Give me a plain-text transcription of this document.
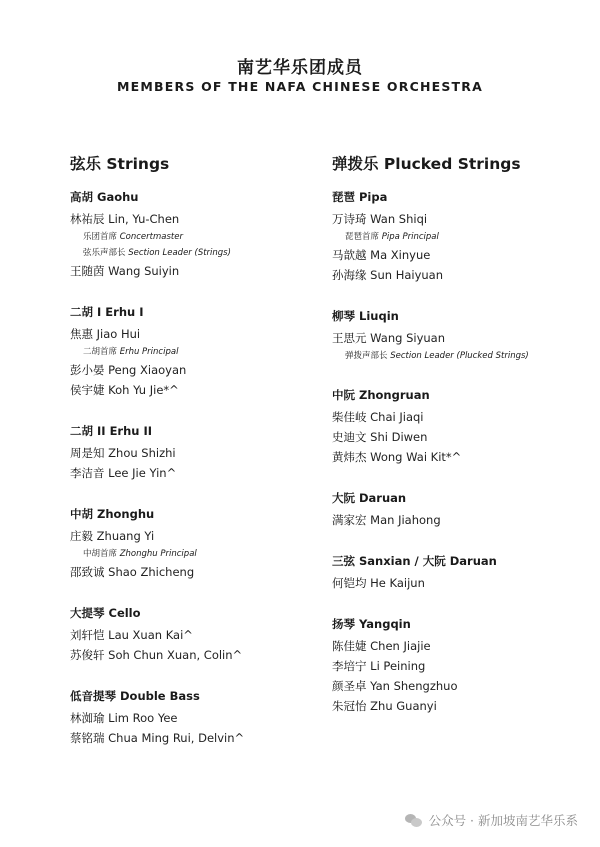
南艺华乐团成员
MEMBERS OF THE NAFA CHINESE ORCHESTRA
弦乐 Strings
高胡 Gaohu
林祐辰 Lin, Yu-Chen
乐团首席 Concertmaster
弦乐声部长 Section Leader (Strings)
王随茵 Wang Suiyin
二胡 I Erhu I
焦惠 Jiao Hui
二胡首席 Erhu Principal
彭小晏 Peng Xiaoyan
侯宇婕 Koh Yu Jie*^
二胡 II Erhu II
周是知 Zhou Shizhi
李洁音 Lee Jie Yin^
中胡 Zhonghu
庄毅 Zhuang Yi
中胡首席 Zhonghu Principal
邵致诚 Shao Zhicheng
大提琴 Cello
刘轩恺 Lau Xuan Kai^
苏俊轩 Soh Chun Xuan, Colin^
低音提琴 Double Bass
林洳瑜 Lim Roo Yee
蔡铭瑞 Chua Ming Rui, Delvin^
弹拨乐 Plucked Strings
琵琶 Pipa
万诗琦 Wan Shiqi
琵琶首席 Pipa Principal
马歆越 Ma Xinyue
孙海缘 Sun Haiyuan
柳琴 Liuqin
王思元 Wang Siyuan
弹拨声部长 Section Leader (Plucked Strings)
中阮 Zhongruan
柴佳岐 Chai Jiaqi
史迪文 Shi Diwen
黄炜杰 Wong Wai Kit*^
大阮 Daruan
满家宏 Man Jiahong
三弦 Sanxian / 大阮 Daruan
何铠均 He Kaijun
扬琴 Yangqin
陈佳婕 Chen Jiajie
李培宁 Li Peining
颜圣卓 Yan Shengzhuo
朱冠怡 Zhu Guanyi
公众号 · 新加坡南艺华乐系
